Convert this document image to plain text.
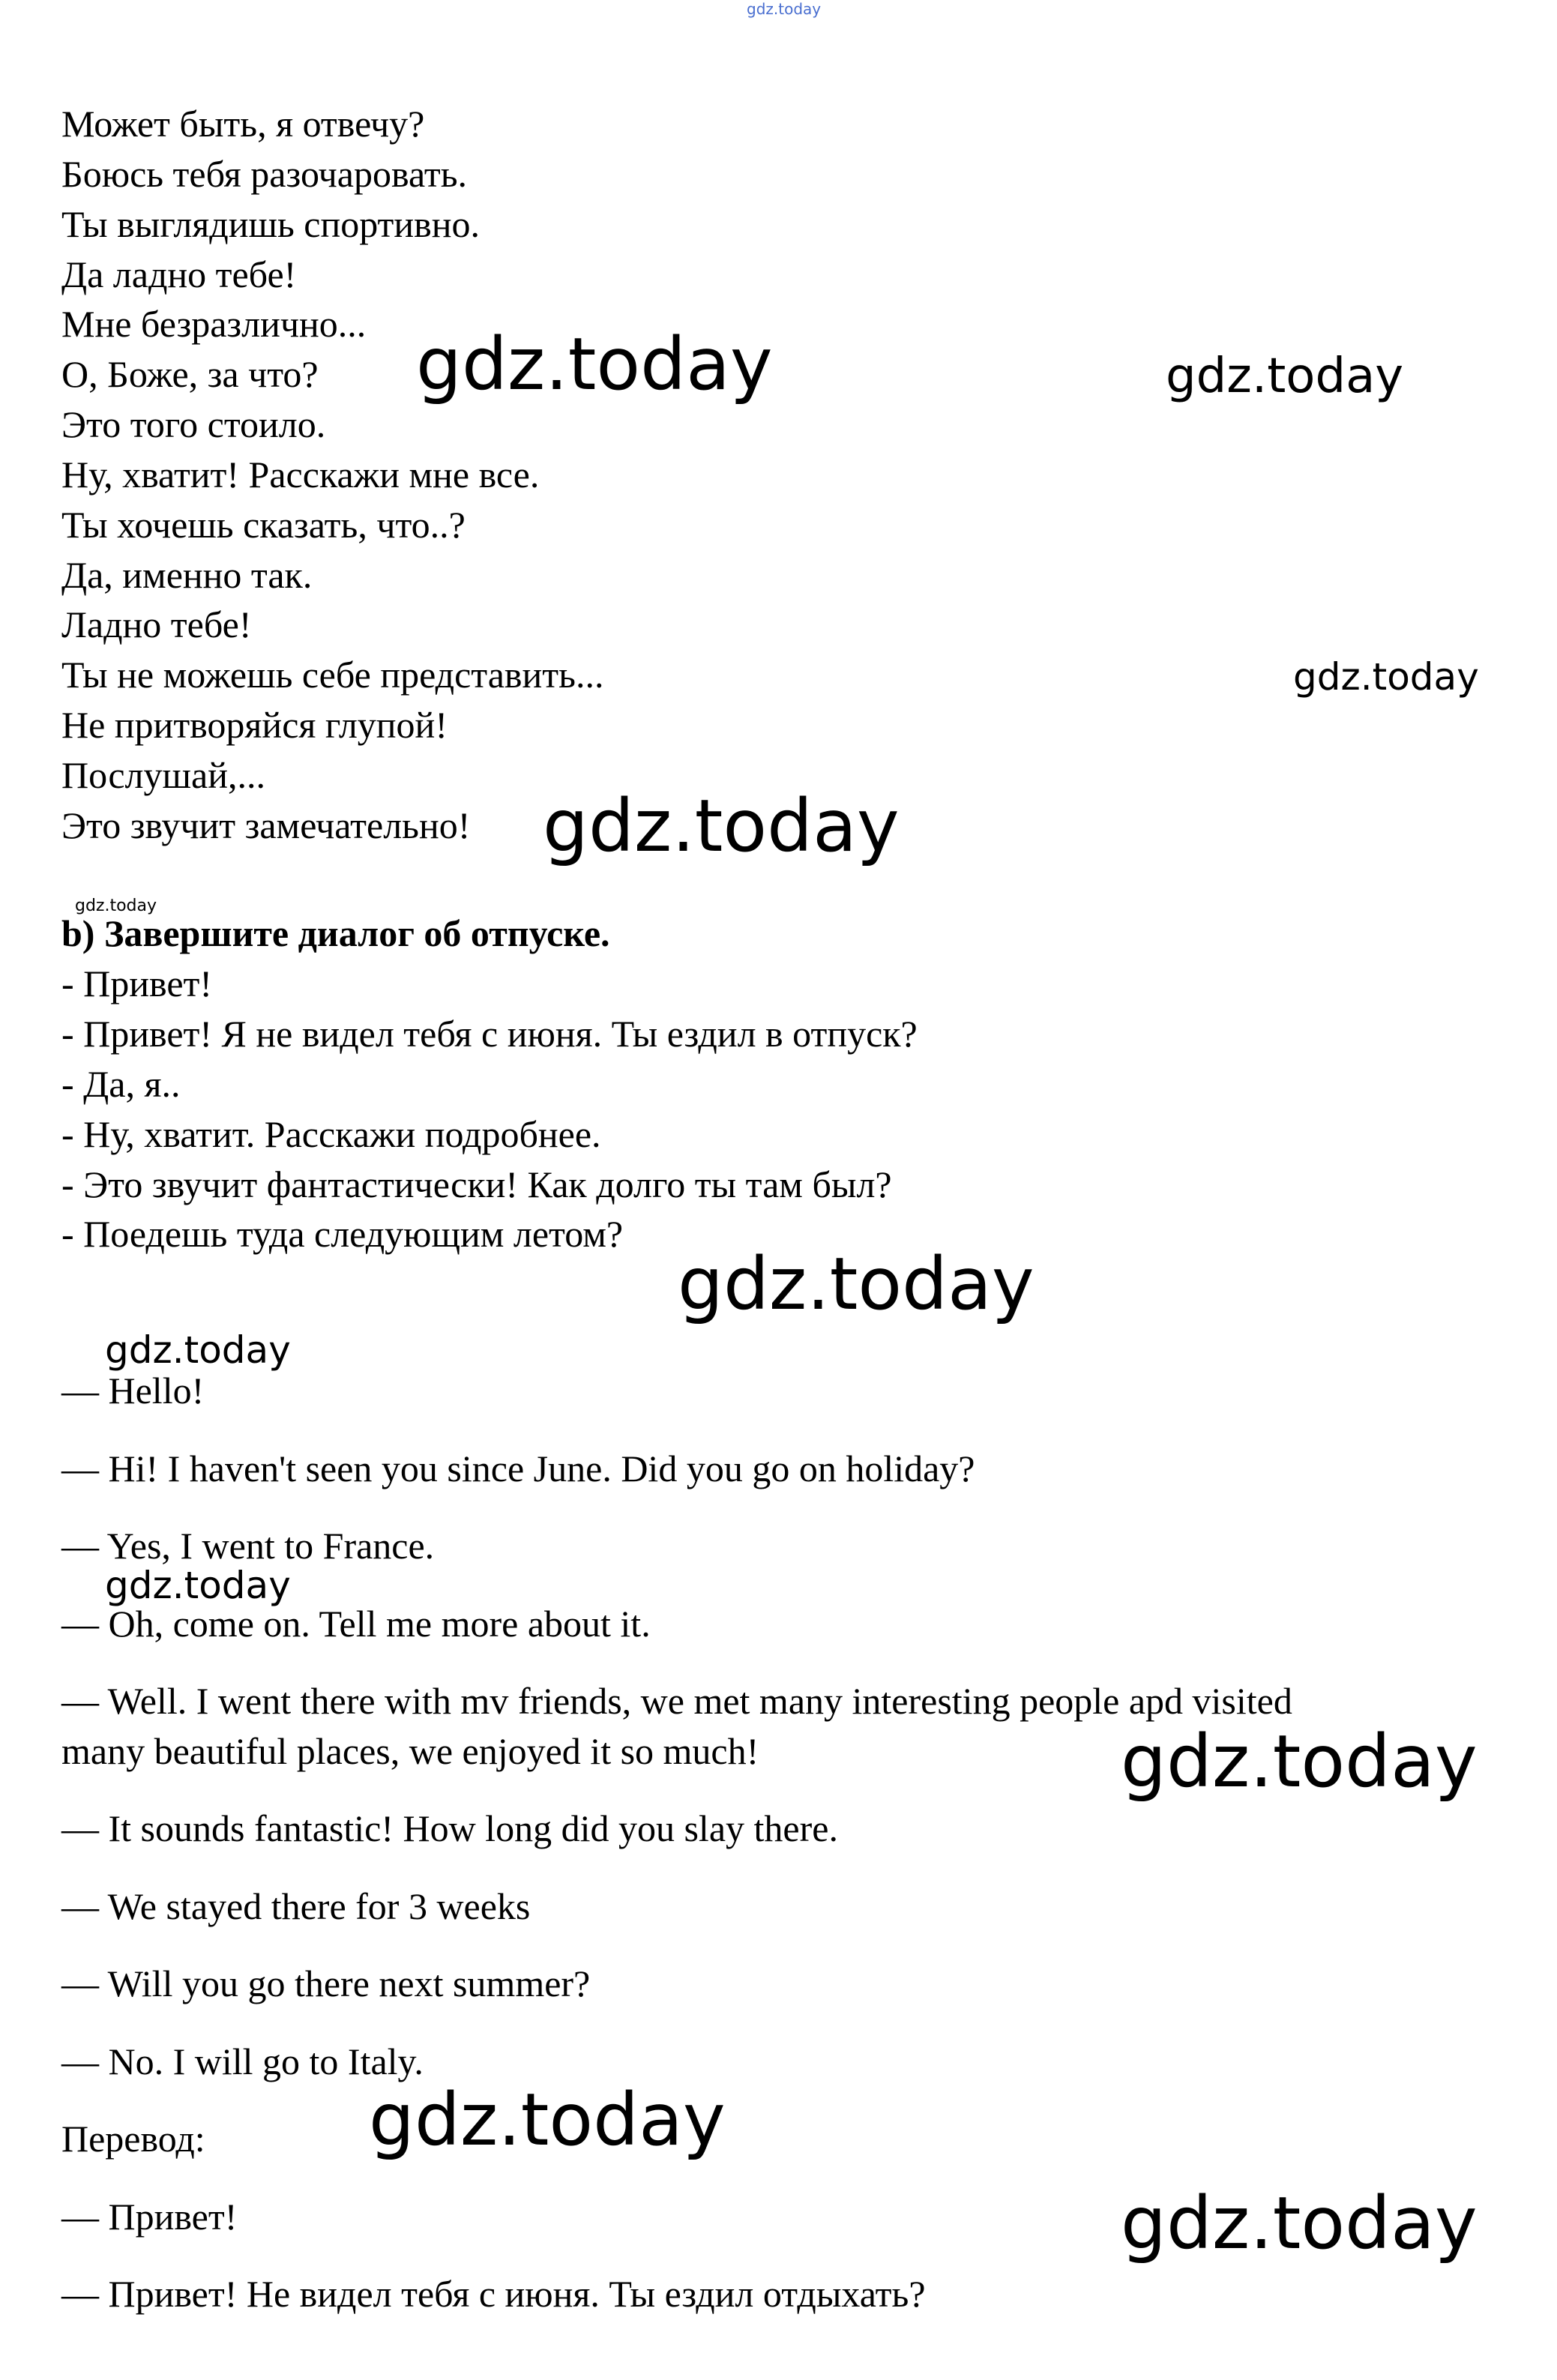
Может быть, я отвечу?

Боюсь тебя разочаровать.

Ты выглядишь спортивно.

Да ладно тебе!

Мне безразлично...

О, Боже, за что?

Это того стоило.

Ну, хватит! Расскажи мне все.

Ты хочешь сказать, что..?

Да, именно так.

Ладно тебе!

Ты не можешь себе представить...

Не притворяйся глупой!

Послушай,...

Это звучит замечательно!

b) Завершите диалог об отпуске.

- Привет!

- Привет! Я не видел тебя с июня. Ты ездил в отпуск?

- Да, я..

- Ну, хватит. Расскажи подробнее.

- Это звучит фантастически! Как долго ты там был?

- Поедешь туда следующим летом?

— Hello!

— Hi! I haven't seen you since June. Did you go on holiday?

— Yes, I went to France.

— Oh, come on. Tell me more about it.

— Well. I went there with mv friends, we met many interesting people apd visited

many beautiful places, we enjoyed it so much!

— It sounds fantastic! How long did you slay there.

— We stayed there for 3 weeks

— Will you go there next summer?

— No. I will go to Italy.

Перевод:

— Привет!

— Привет! Не видел тебя с июня. Ты ездил отдыхать?

gdz.today
gdz.today	gdz.today
gdz.today
gdz.today
gdz.today
gdz.today
gdz.today
gdz.today
gdz.today
gdz.today
gdz.today
